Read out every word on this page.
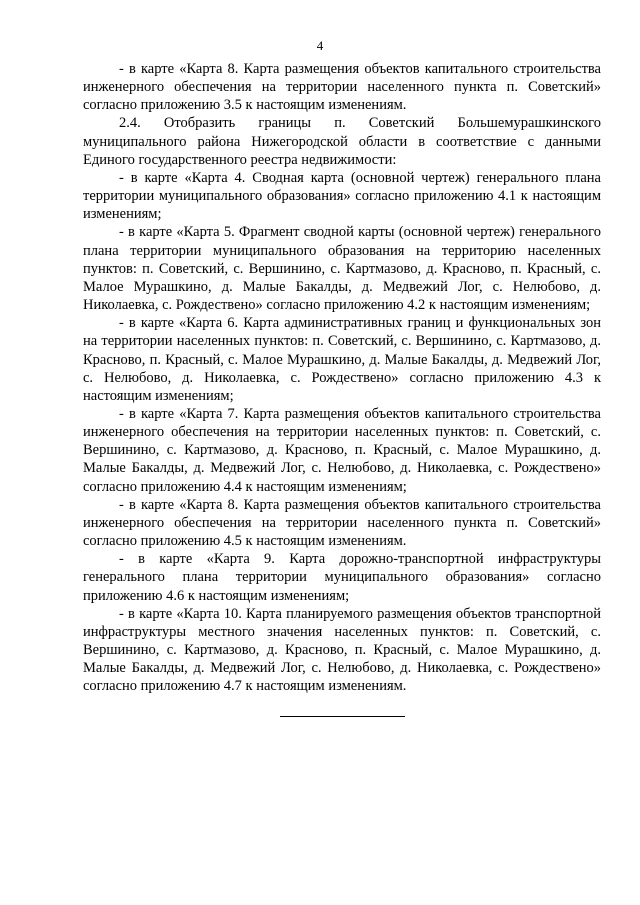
4

- в карте «Карта 8. Карта размещения объектов капитального строительства инженерного обеспечения на территории населенного пункта п. Советский» согласно приложению 3.5 к настоящим изменениям.

2.4. Отобразить границы п. Советский Большемурашкинского муниципального района Нижегородской области в соответствие с данными Единого государственного реестра недвижимости:

- в карте «Карта 4. Сводная карта (основной чертеж) генерального плана территории муниципального образования» согласно приложению 4.1 к настоящим изменениям;

- в карте «Карта 5. Фрагмент сводной карты (основной чертеж) генерального плана территории муниципального образования на территорию населенных пунктов: п. Советский, с. Вершинино, с. Картмазово, д. Красново, п. Красный, с. Малое Мурашкино, д. Малые Бакалды, д. Медвежий Лог, с. Нелюбово, д. Николаевка, с. Рождествено» согласно приложению 4.2 к настоящим изменениям;

- в карте «Карта 6. Карта административных границ и функциональных зон на территории населенных пунктов: п. Советский, с. Вершинино, с. Картмазово, д. Красново, п. Красный, с. Малое Мурашкино, д. Малые Бакалды, д. Медвежий Лог, с. Нелюбово, д. Николаевка, с. Рождествено» согласно приложению 4.3 к настоящим изменениям;

- в карте «Карта 7. Карта размещения объектов капитального строительства инженерного обеспечения на территории населенных пунктов: п. Советский, с. Вершинино, с. Картмазово, д. Красново, п. Красный, с. Малое Мурашкино, д. Малые Бакалды, д. Медвежий Лог, с. Нелюбово, д. Николаевка, с. Рождествено» согласно приложению 4.4 к настоящим изменениям;

- в карте «Карта 8. Карта размещения объектов капитального строительства инженерного обеспечения на территории населенного пункта п. Советский» согласно приложению 4.5 к настоящим изменениям.

- в карте «Карта 9. Карта дорожно-транспортной инфраструктуры генерального плана территории муниципального образования» согласно приложению 4.6 к настоящим изменениям;

- в карте «Карта 10. Карта планируемого размещения объектов транспортной инфраструктуры местного значения населенных пунктов: п. Советский, с. Вершинино, с. Картмазово, д. Красново, п. Красный, с. Малое Мурашкино, д. Малые Бакалды, д. Медвежий Лог, с. Нелюбово, д. Николаевка, с. Рождествено» согласно приложению 4.7 к настоящим изменениям.
